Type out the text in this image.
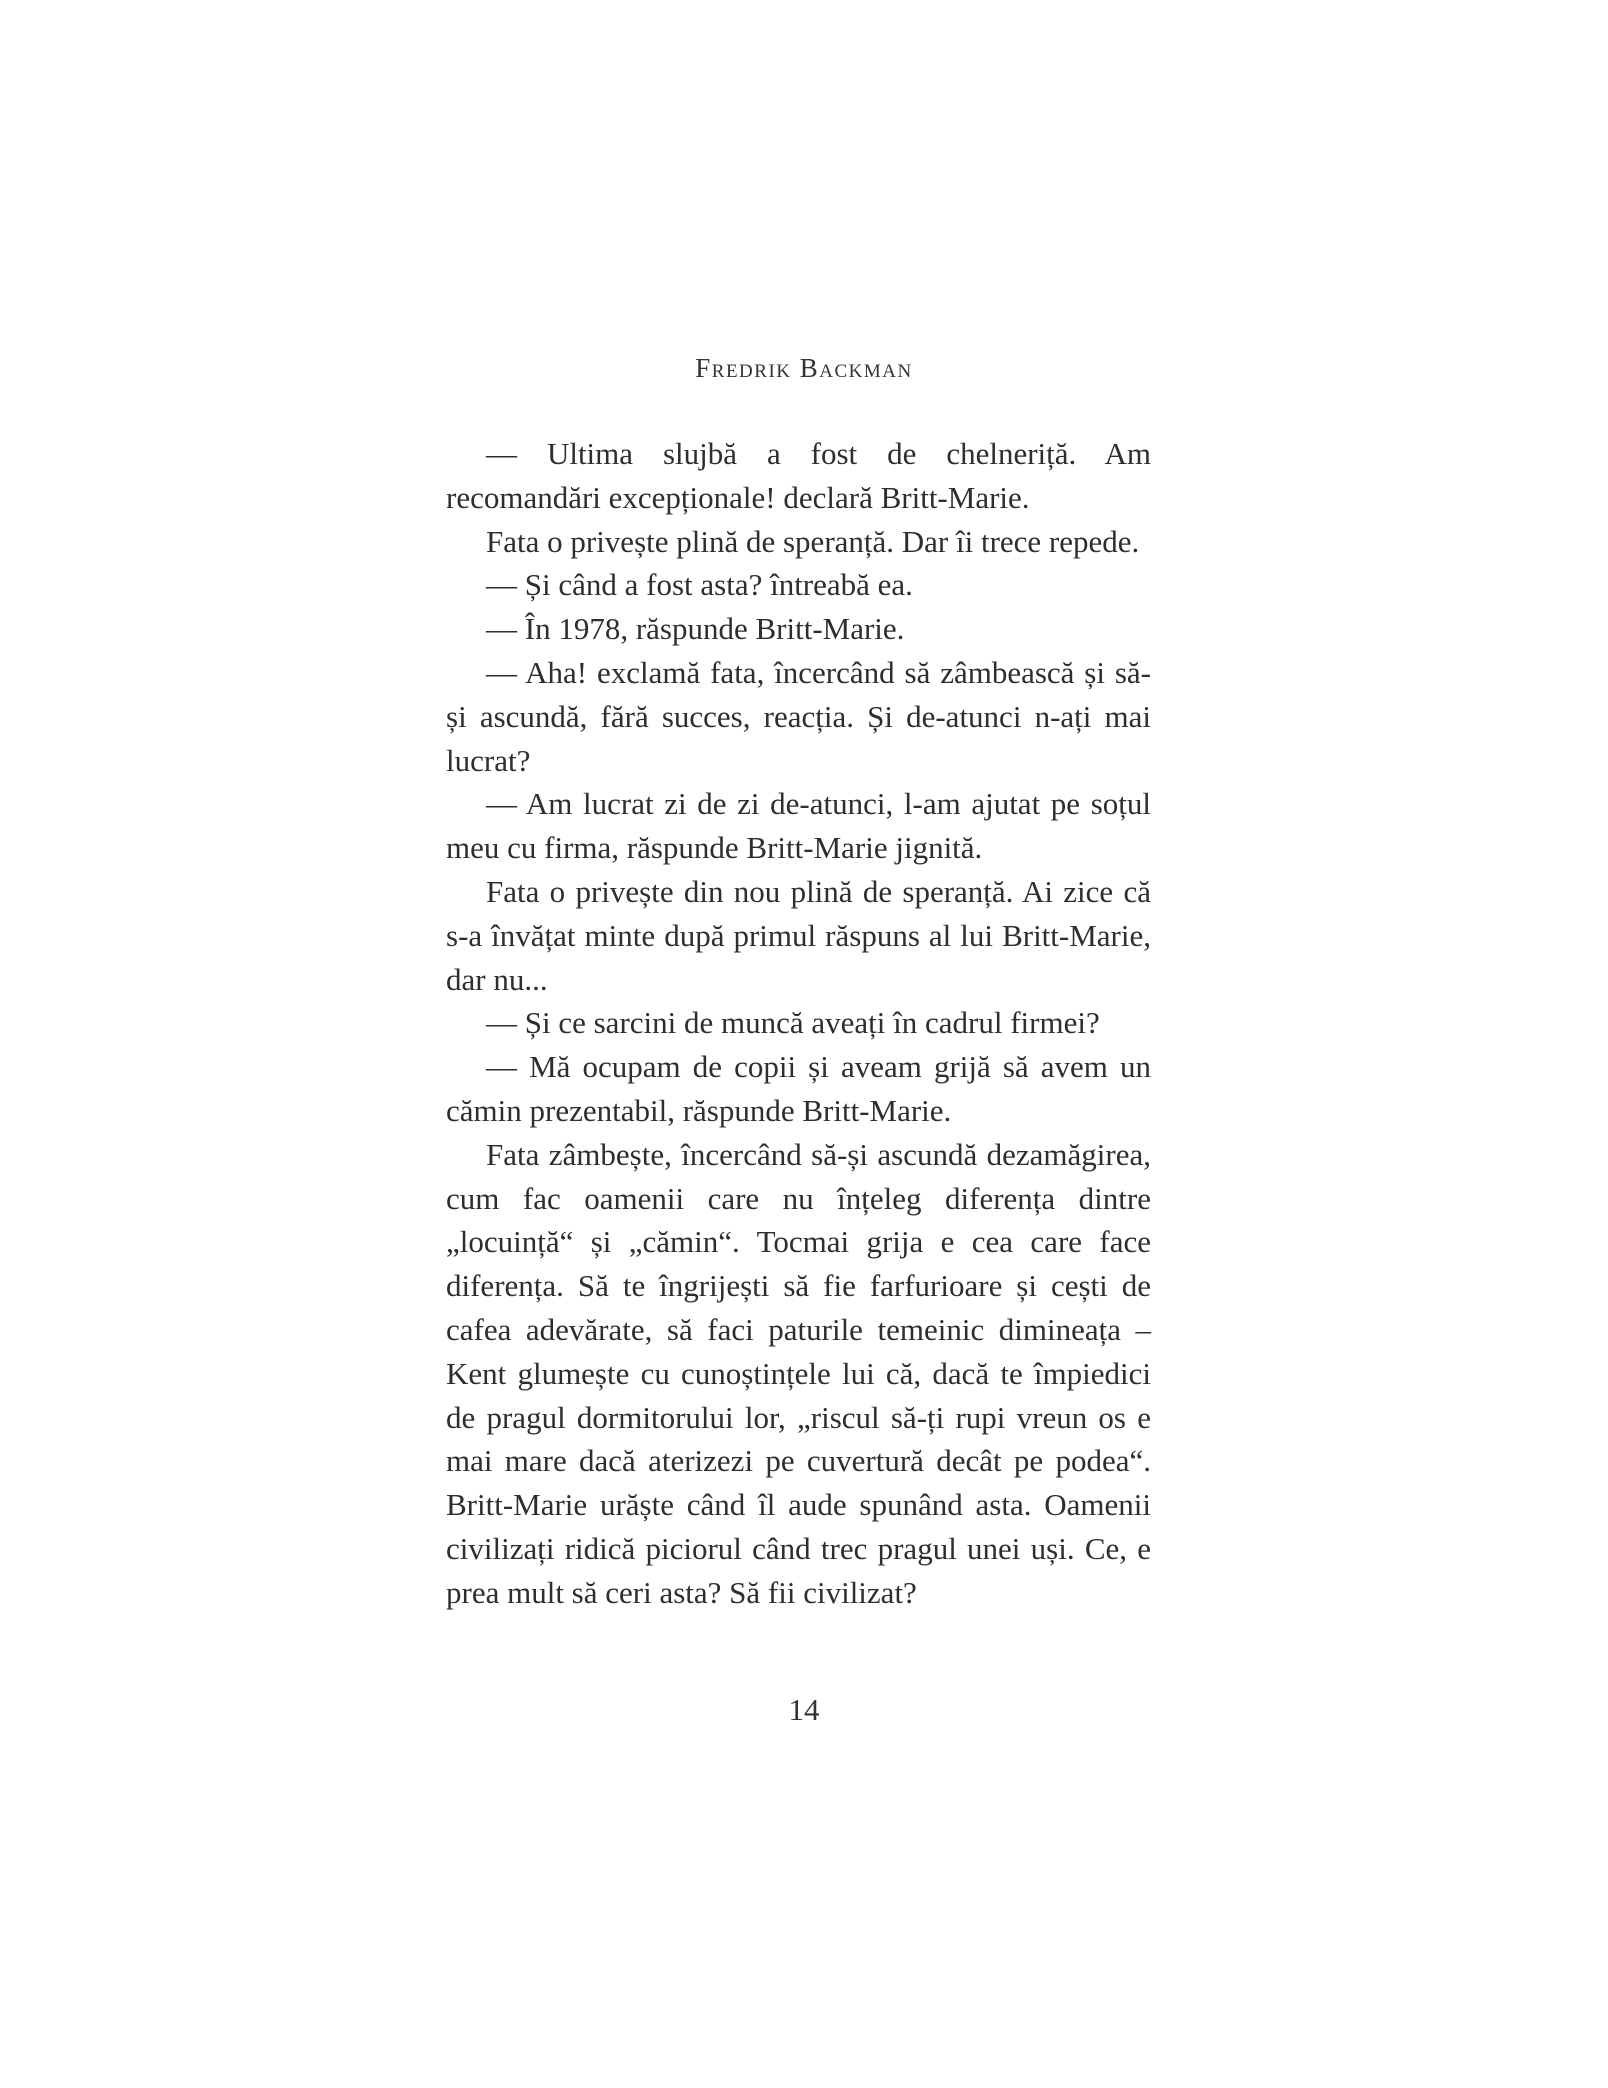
Fredrik Backman

— Ultima slujbă a fost de chelneriță. Am recomandări excepționale! declară Britt-Marie.

Fata o privește plină de speranță. Dar îi trece repede.

— Și când a fost asta? întreabă ea.

— În 1978, răspunde Britt-Marie.

— Aha! exclamă fata, încercând să zâmbească și să-și ascundă, fără succes, reacția. Și de-atunci n-ați mai lucrat?

— Am lucrat zi de zi de-atunci, l-am ajutat pe soțul meu cu firma, răspunde Britt-Marie jignită.

Fata o privește din nou plină de speranță. Ai zice că s-a învățat minte după primul răspuns al lui Britt-Marie, dar nu...

— Și ce sarcini de muncă aveați în cadrul firmei?

— Mă ocupam de copii și aveam grijă să avem un cămin prezentabil, răspunde Britt-Marie.

Fata zâmbește, încercând să-și ascundă dezamăgirea, cum fac oamenii care nu înțeleg diferența dintre „locuință“ și „cămin“. Tocmai grija e cea care face diferența. Să te îngrijești să fie farfurioare și cești de cafea adevărate, să faci paturile temeinic dimineața – Kent glumește cu cunoștințele lui că, dacă te împiedici de pragul dormitorului lor, „riscul să-ți rupi vreun os e mai mare dacă aterizezi pe cuvertură decât pe podea“. Britt-Marie urăște când îl aude spunând asta. Oamenii civilizați ridică piciorul când trec pragul unei uși. Ce, e prea mult să ceri asta? Să fii civilizat?

14
